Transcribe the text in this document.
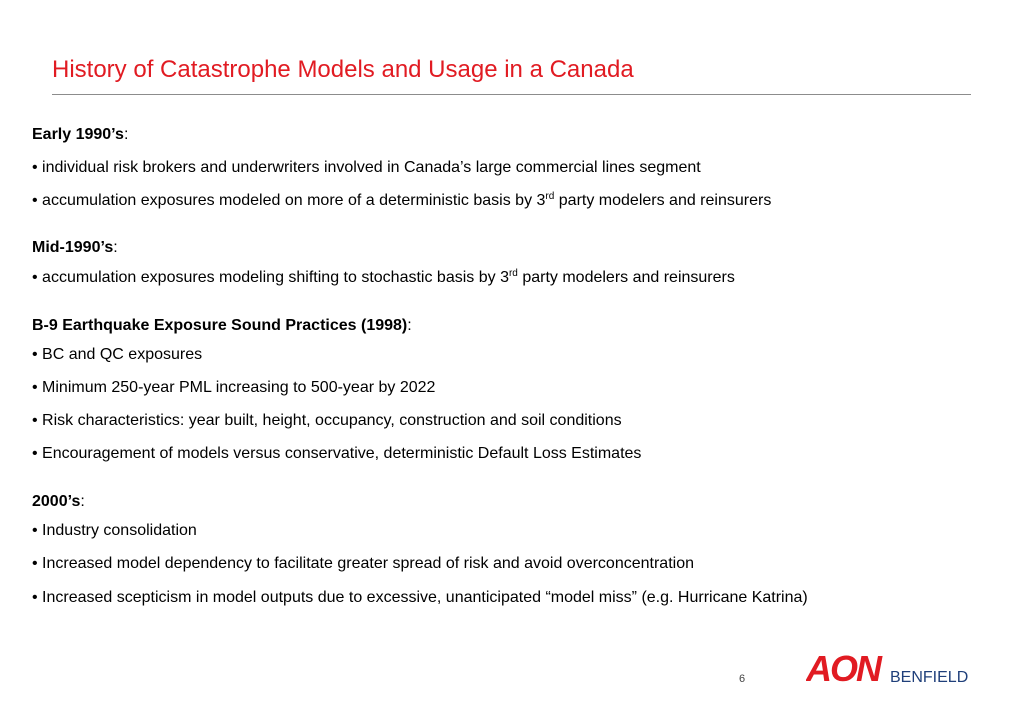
History of Catastrophe Models and Usage in a Canada
Early 1990’s:
• individual risk brokers and underwriters involved in Canada’s large commercial lines segment
• accumulation exposures modeled on more of a deterministic basis by 3rd party modelers and reinsurers
Mid-1990’s:
• accumulation exposures modeling shifting to stochastic basis by 3rd party modelers and reinsurers
B-9 Earthquake Exposure Sound Practices (1998):
• BC and QC exposures
• Minimum 250-year PML increasing to 500-year by 2022
• Risk characteristics: year built, height, occupancy, construction and soil conditions
• Encouragement of models versus conservative, deterministic Default Loss Estimates
2000’s:
• Industry consolidation
• Increased model dependency to facilitate greater spread of risk and avoid overconcentration
• Increased scepticism in model outputs due to excessive, unanticipated “model miss” (e.g. Hurricane Katrina)
6 AON BENFIELD
